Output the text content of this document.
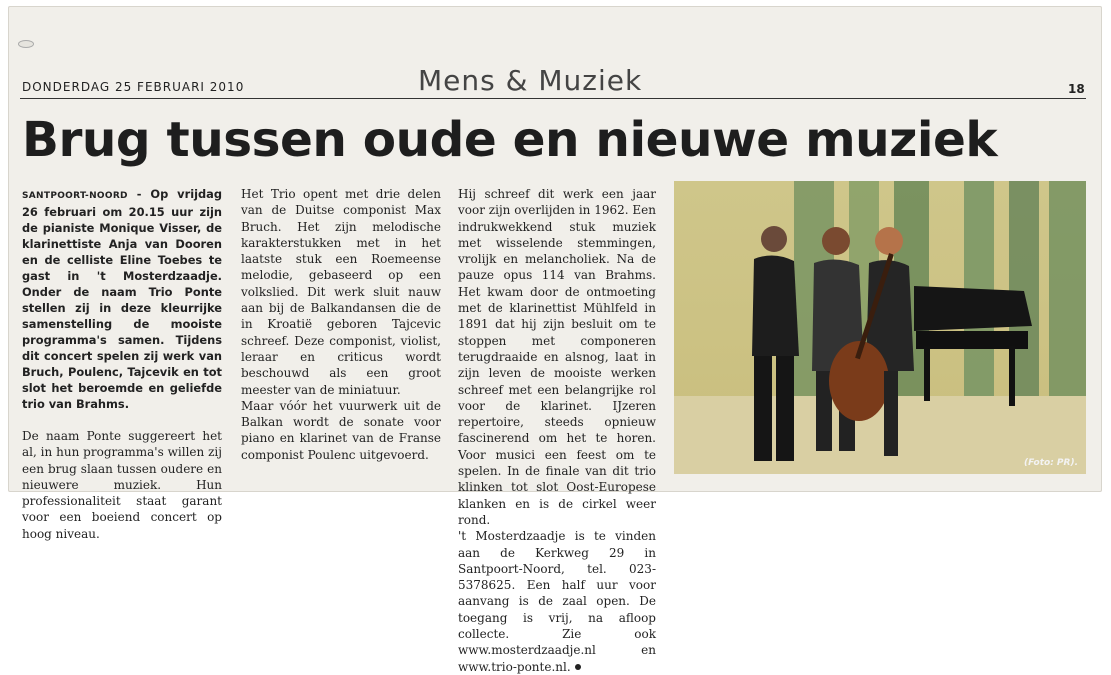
DONDERDAG 25 FEBRUARI 2010	Mens & Muziek	18
Brug tussen oude en nieuwe muziek

SANTPOORT-NOORD - Op vrijdag 26 februari om 20.15 uur zijn de pianiste Monique Visser, de klarinettiste Anja van Dooren en de celliste Eline Toebes te gast in 't Mosterdzaadje. Onder de naam Trio Ponte stellen zij in deze kleurrijke samenstelling de mooiste programma's samen. Tijdens dit concert spelen zij werk van Bruch, Poulenc, Tajcevik en tot slot het beroemde en geliefde trio van Brahms.

De naam Ponte suggereert het al, in hun programma's willen zij een brug slaan tussen oudere en nieuwere muziek. Hun professionaliteit staat garant voor een boeiend concert op hoog niveau.

Het Trio opent met drie delen van de Duitse componist Max Bruch. Het zijn melodische karakterstukken met in het laatste stuk een Roemeense melodie, gebaseerd op een volkslied. Dit werk sluit nauw aan bij de Balkandansen die de in Kroatië geboren Tajcevic schreef. Deze componist, violist, leraar en criticus wordt beschouwd als een groot meester van de miniatuur.

Maar vóór het vuurwerk uit de Balkan wordt de sonate voor piano en klarinet van de Franse componist Poulenc uitgevoerd.

Hij schreef dit werk een jaar voor zijn overlijden in 1962. Een indrukwekkend stuk muziek met wisselende stemmingen, vrolijk en melancholiek. Na de pauze opus 114 van Brahms. Het kwam door de ontmoeting met de klarinettist Mühlfeld in 1891 dat hij zijn besluit om te stoppen met componeren terugdraaide en alsnog, laat in zijn leven de mooiste werken schreef met een belangrijke rol voor de klarinet. IJzeren repertoire, steeds opnieuw fascinerend om het te horen. Voor musici een feest om te spelen. In de finale van dit trio klinken tot slot Oost-Europese klanken en is de cirkel weer rond.

't Mosterdzaadje is te vinden aan de Kerkweg 29 in Santpoort-Noord, tel. 023-5378625. Een half uur voor aanvang is de zaal open. De toegang is vrij, na afloop collecte. Zie ook www.mosterdzaadje.nl en www.trio-ponte.nl.

(Foto: PR).
